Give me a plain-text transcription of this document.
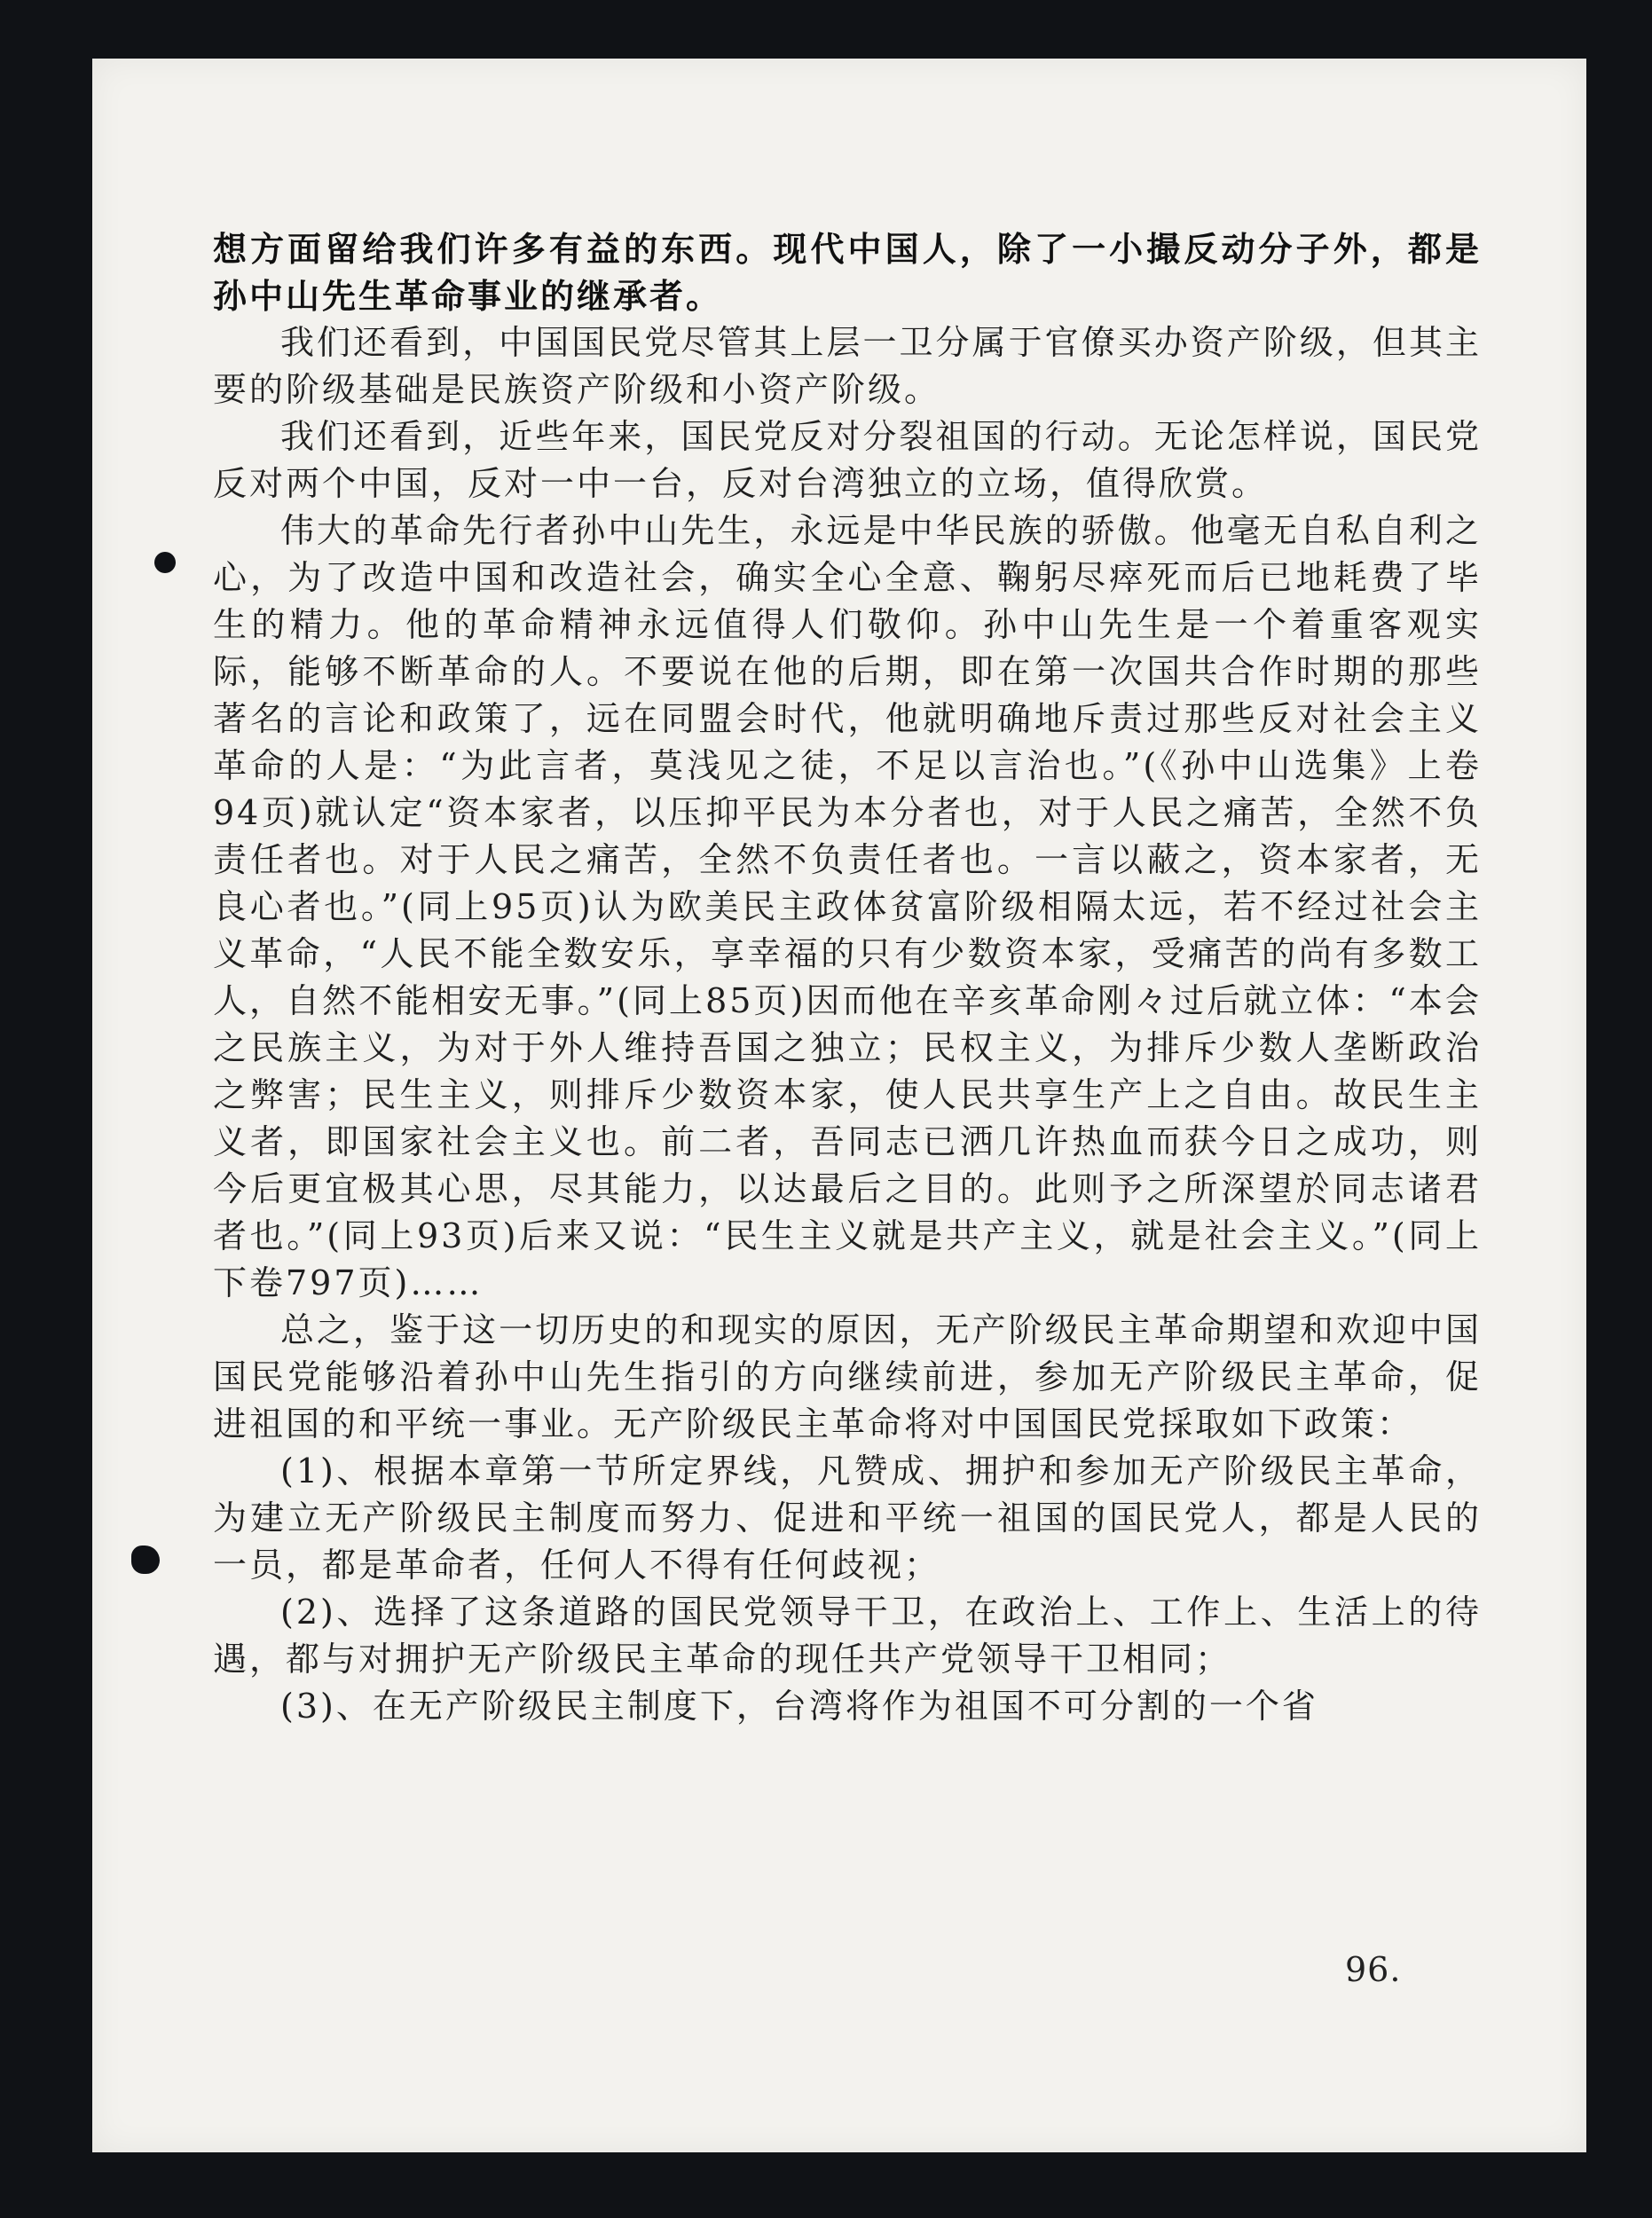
想方面留给我们许多有益的东西。现代中国人，除了一小撮反动分子外，都是孙中山先生革命事业的继承者。

我们还看到，中国国民党尽管其上层一卫分属于官僚买办资产阶级，但其主要的阶级基础是民族资产阶级和小资产阶级。

我们还看到，近些年来，国民党反对分裂祖国的行动。无论怎样说，国民党反对两个中国，反对一中一台，反对台湾独立的立场，值得欣赏。

伟大的革命先行者孙中山先生，永远是中华民族的骄傲。他毫无自私自利之心，为了改造中国和改造社会，确实全心全意、鞠躬尽瘁死而后已地耗费了毕生的精力。他的革命精神永远值得人们敬仰。孙中山先生是一个着重客观实际，能够不断革命的人。不要说在他的后期，即在第一次国共合作时期的那些著名的言论和政策了，远在同盟会时代，他就明确地斥责过那些反对社会主义革命的人是：“为此言者，莫浅见之徒，不足以言治也。”(《孙中山选集》上卷94页)就认定“资本家者，以压抑平民为本分者也，对于人民之痛苦，全然不负责任者也。对于人民之痛苦，全然不负责任者也。一言以蔽之，资本家者，无良心者也。”(同上95页)认为欧美民主政体贫富阶级相隔太远，若不经过社会主义革命，“人民不能全数安乐，享幸福的只有少数资本家，受痛苦的尚有多数工人，自然不能相安无事。”(同上85页)因而他在辛亥革命刚々过后就立体：“本会之民族主义，为对于外人维持吾国之独立；民权主义，为排斥少数人垄断政治之弊害；民生主义，则排斥少数资本家，使人民共享生产上之自由。故民生主义者，即国家社会主义也。前二者，吾同志已洒几许热血而获今日之成功，则今后更宜极其心思，尽其能力，以达最后之目的。此则予之所深望於同志诸君者也。”(同上93页)后来又说：“民生主义就是共产主义，就是社会主义。”(同上下卷797页)……

总之，鉴于这一切历史的和现实的原因，无产阶级民主革命期望和欢迎中国国民党能够沿着孙中山先生指引的方向继续前进，参加无产阶级民主革命，促进祖国的和平统一事业。无产阶级民主革命将对中国国民党採取如下政策：

(1)、根据本章第一节所定界线，凡赞成、拥护和参加无产阶级民主革命，为建立无产阶级民主制度而努力、促进和平统一祖国的国民党人，都是人民的一员，都是革命者，任何人不得有任何歧视；

(2)、选择了这条道路的国民党领导干卫，在政治上、工作上、生活上的待遇，都与对拥护无产阶级民主革命的现任共产党领导干卫相同；

(3)、在无产阶级民主制度下，台湾将作为祖国不可分割的一个省

96.
